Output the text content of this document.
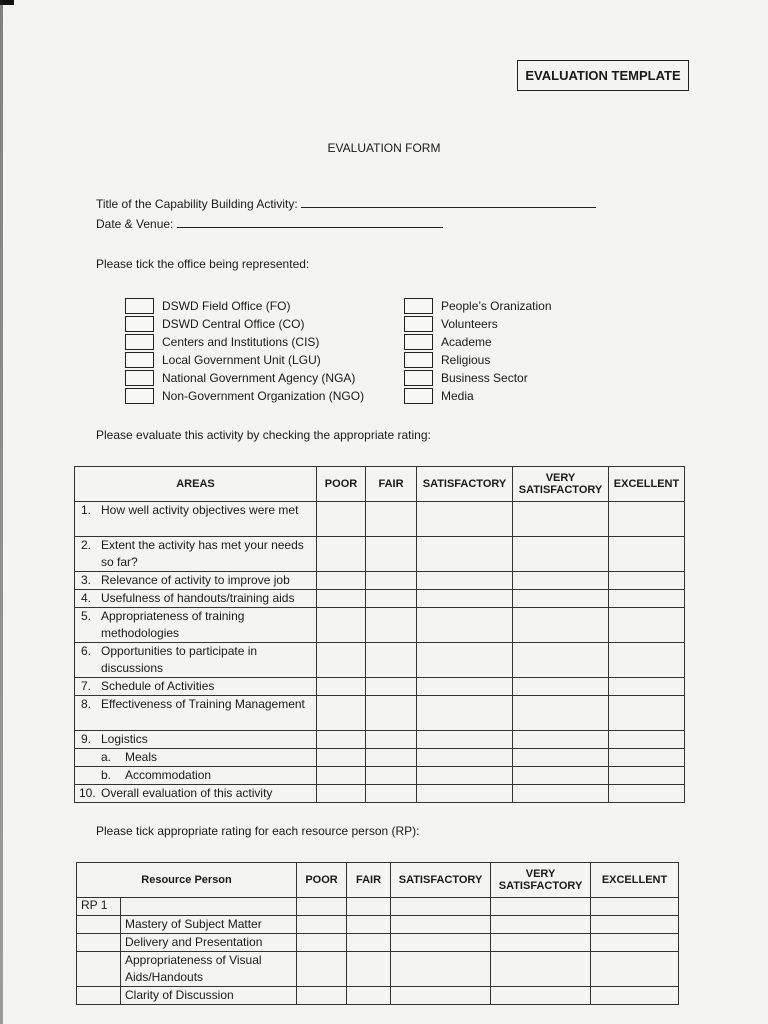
EVALUATION TEMPLATE
EVALUATION FORM
Title of the Capability Building Activity:
Date & Venue:
Please tick the office being represented:
DSWD Field Office (FO)
DSWD Central Office (CO)
Centers and Institutions (CIS)
Local Government Unit (LGU)
National Government Agency (NGA)
Non-Government Organization (NGO)
People’s Oranization
Volunteers
Academe
Religious
Business Sector
Media
Please evaluate this activity by checking the appropriate rating:
AREAS	POOR	FAIR	SATISFACTORY	VERY SATISFACTORY	EXCELLENT

1. How well activity objectives were met					

2. Extent the activity has met your needs so far?					

3. Relevance of activity to improve job					

4. Usefulness of handouts/training aids					

5. Appropriateness of training methodologies					

6. Opportunities to participate in discussions					

7. Schedule of Activities					

8. Effectiveness of Training Management					

9. Logistics					

a. Meals					

b. Accommodation					

10. Overall evaluation of this activity					

Please tick appropriate rating for each resource person (RP):
Resource Person		POOR	FAIR	SATISFACTORY	VERY SATISFACTORY	EXCELLENT
RP 1						
	Mastery of Subject Matter					
	Delivery and Presentation					
	Appropriateness of Visual Aids/Handouts					
	Clarity of Discussion					
